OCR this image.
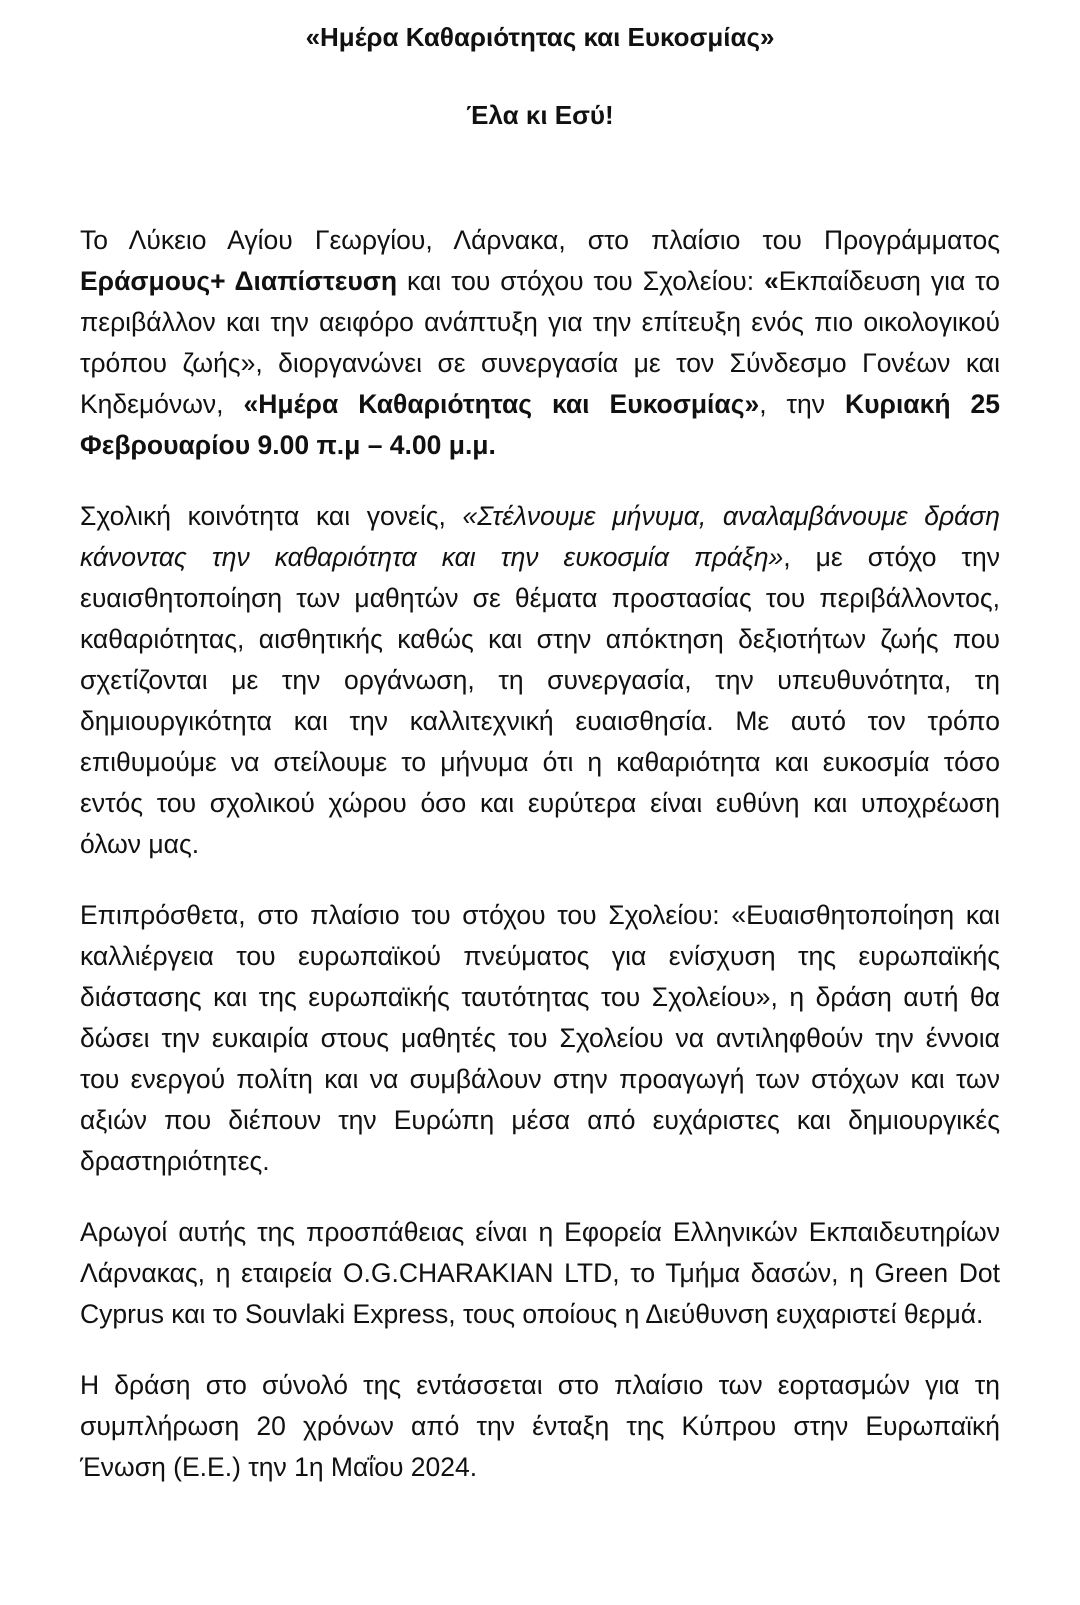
«Ημέρα Καθαριότητας και Ευκοσμίας»
Έλα κι Εσύ!

Το Λύκειο Αγίου Γεωργίου, Λάρνακα, στο πλαίσιο του Προγράμματος Εράσμους+ Διαπίστευση και του στόχου του Σχολείου: «Εκπαίδευση για το περιβάλλον και την αειφόρο ανάπτυξη για την επίτευξη ενός πιο οικολογικού τρόπου ζωής», διοργανώνει σε συνεργασία με τον Σύνδεσμο Γονέων και Κηδεμόνων, «Ημέρα Καθαριότητας και Ευκοσμίας», την Κυριακή 25 Φεβρουαρίου 9.00 π.μ – 4.00 μ.μ.

Σχολική κοινότητα και γονείς, «Στέλνουμε μήνυμα, αναλαμβάνουμε δράση κάνοντας την καθαριότητα και την ευκοσμία πράξη», με στόχο την ευαισθητοποίηση των μαθητών σε θέματα προστασίας του περιβάλλοντος, καθαριότητας, αισθητικής καθώς και στην απόκτηση δεξιοτήτων ζωής που σχετίζονται με την οργάνωση, τη συνεργασία, την υπευθυνότητα, τη δημιουργικότητα και την καλλιτεχνική ευαισθησία. Με αυτό τον τρόπο επιθυμούμε να στείλουμε το μήνυμα ότι η καθαριότητα και ευκοσμία τόσο εντός του σχολικού χώρου όσο και ευρύτερα είναι ευθύνη και υποχρέωση όλων μας.

Επιπρόσθετα, στο πλαίσιο του στόχου του Σχολείου: «Ευαισθητοποίηση και καλλιέργεια του ευρωπαϊκού πνεύματος για ενίσχυση της ευρωπαϊκής διάστασης και της ευρωπαϊκής ταυτότητας του Σχολείου», η δράση αυτή θα δώσει την ευκαιρία στους μαθητές του Σχολείου να αντιληφθούν την έννοια του ενεργού πολίτη και να συμβάλουν στην προαγωγή των στόχων και των αξιών που διέπουν την Ευρώπη μέσα από ευχάριστες και δημιουργικές δραστηριότητες.

Αρωγοί αυτής της προσπάθειας είναι η Εφορεία Ελληνικών Εκπαιδευτηρίων Λάρνακας, η εταιρεία O.G.CHARAKIAN LTD, το Τμήμα δασών, η Green Dot Cyprus και το Souvlaki Express, τους οποίους η Διεύθυνση ευχαριστεί θερμά.

Η δράση στο σύνολό της εντάσσεται στο πλαίσιο των εορτασμών για τη συμπλήρωση 20 χρόνων από την ένταξη της Κύπρου στην Ευρωπαϊκή Ένωση (Ε.Ε.) την 1η Μαΐου 2024.
